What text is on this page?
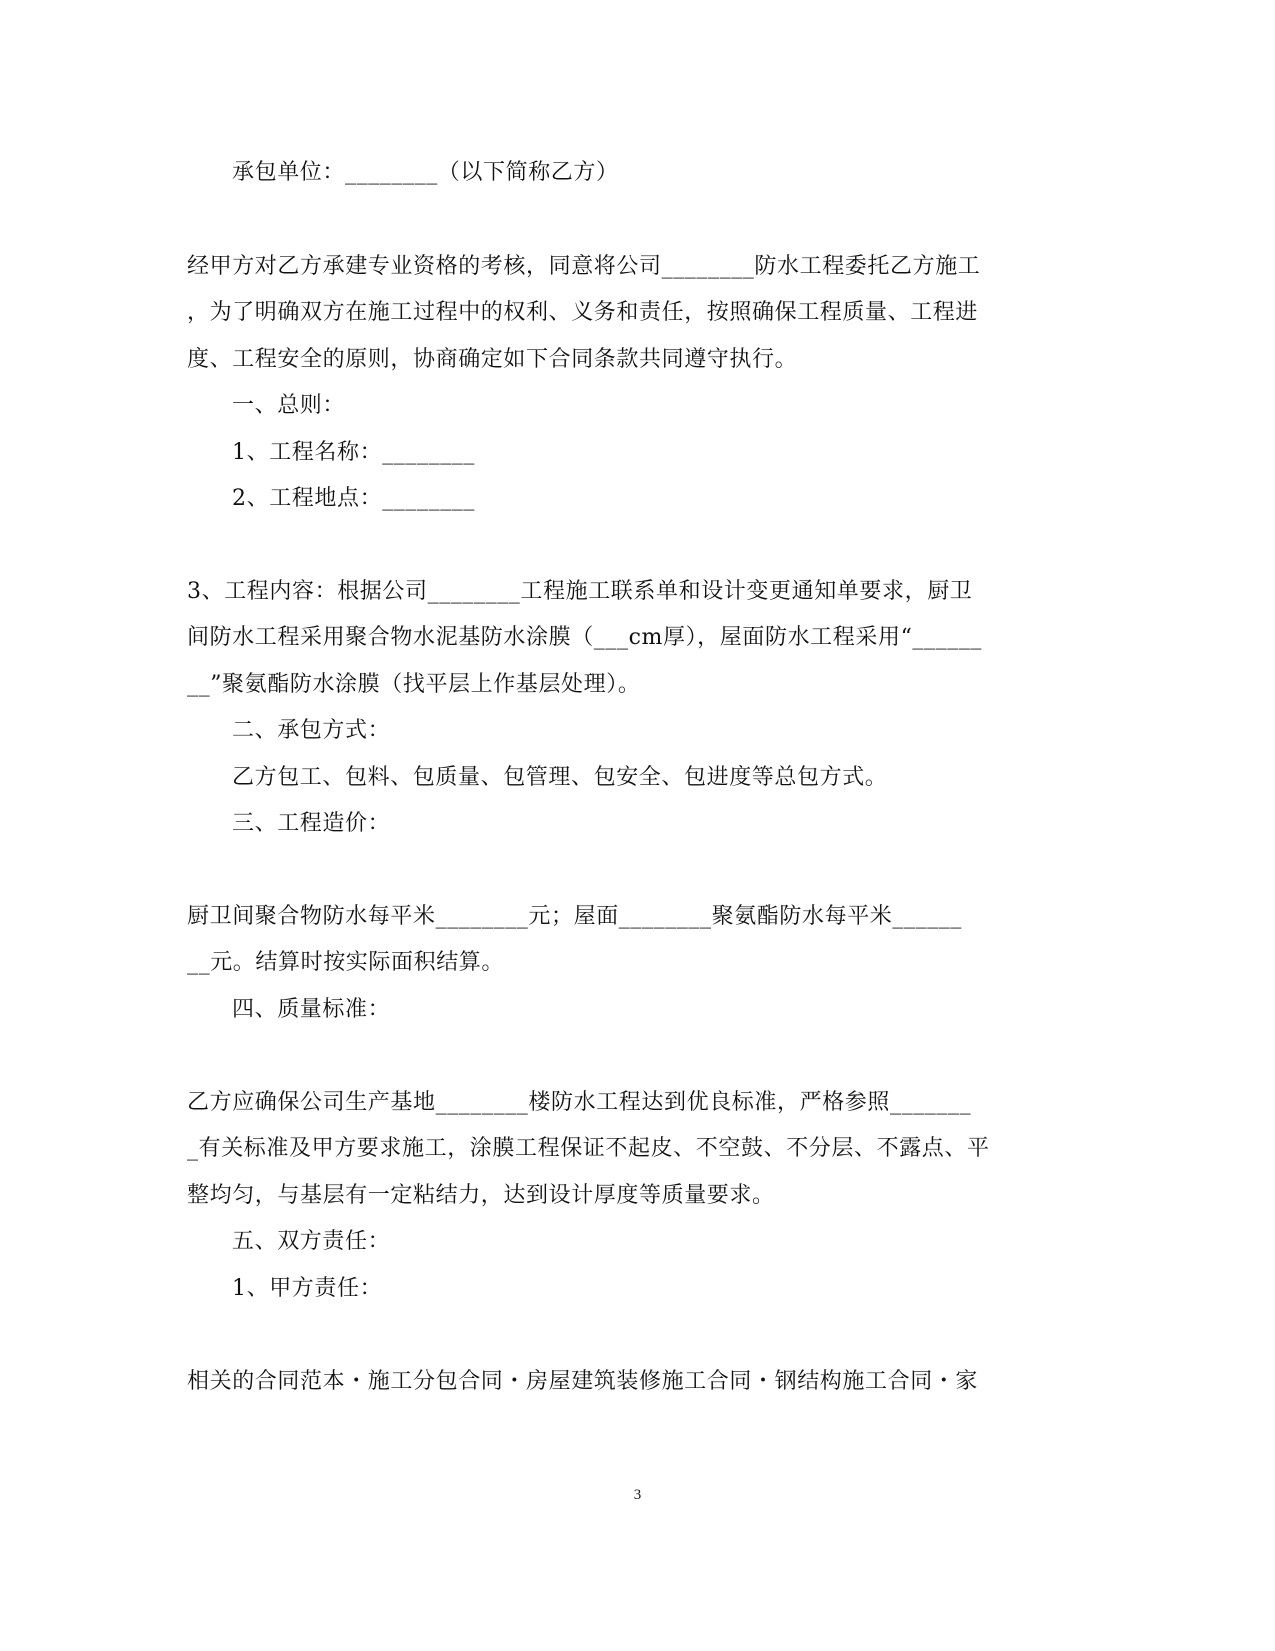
承包单位：________（以下简称乙方）
经甲方对乙方承建专业资格的考核，同意将公司________防水工程委托乙方施工
，为了明确双方在施工过程中的权利、义务和责任，按照确保工程质量、工程进
度、工程安全的原则，协商确定如下合同条款共同遵守执行。
一、总则：
1、工程名称：________
2、工程地点：________
3、工程内容：根据公司________工程施工联系单和设计变更通知单要求，厨卫
间防水工程采用聚合物水泥基防水涂膜（___cm厚），屋面防水工程采用“______
__”聚氨酯防水涂膜（找平层上作基层处理）。
二、承包方式：
乙方包工、包料、包质量、包管理、包安全、包进度等总包方式。
三、工程造价：
厨卫间聚合物防水每平米________元；屋面________聚氨酯防水每平米______
__元。结算时按实际面积结算。
四、质量标准：
乙方应确保公司生产基地________楼防水工程达到优良标准，严格参照_______
_有关标准及甲方要求施工，涂膜工程保证不起皮、不空鼓、不分层、不露点、平
整均匀，与基层有一定粘结力，达到设计厚度等质量要求。
五、双方责任：
1、甲方责任：
相关的合同范本・施工分包合同・房屋建筑装修施工合同・钢结构施工合同・家
3
